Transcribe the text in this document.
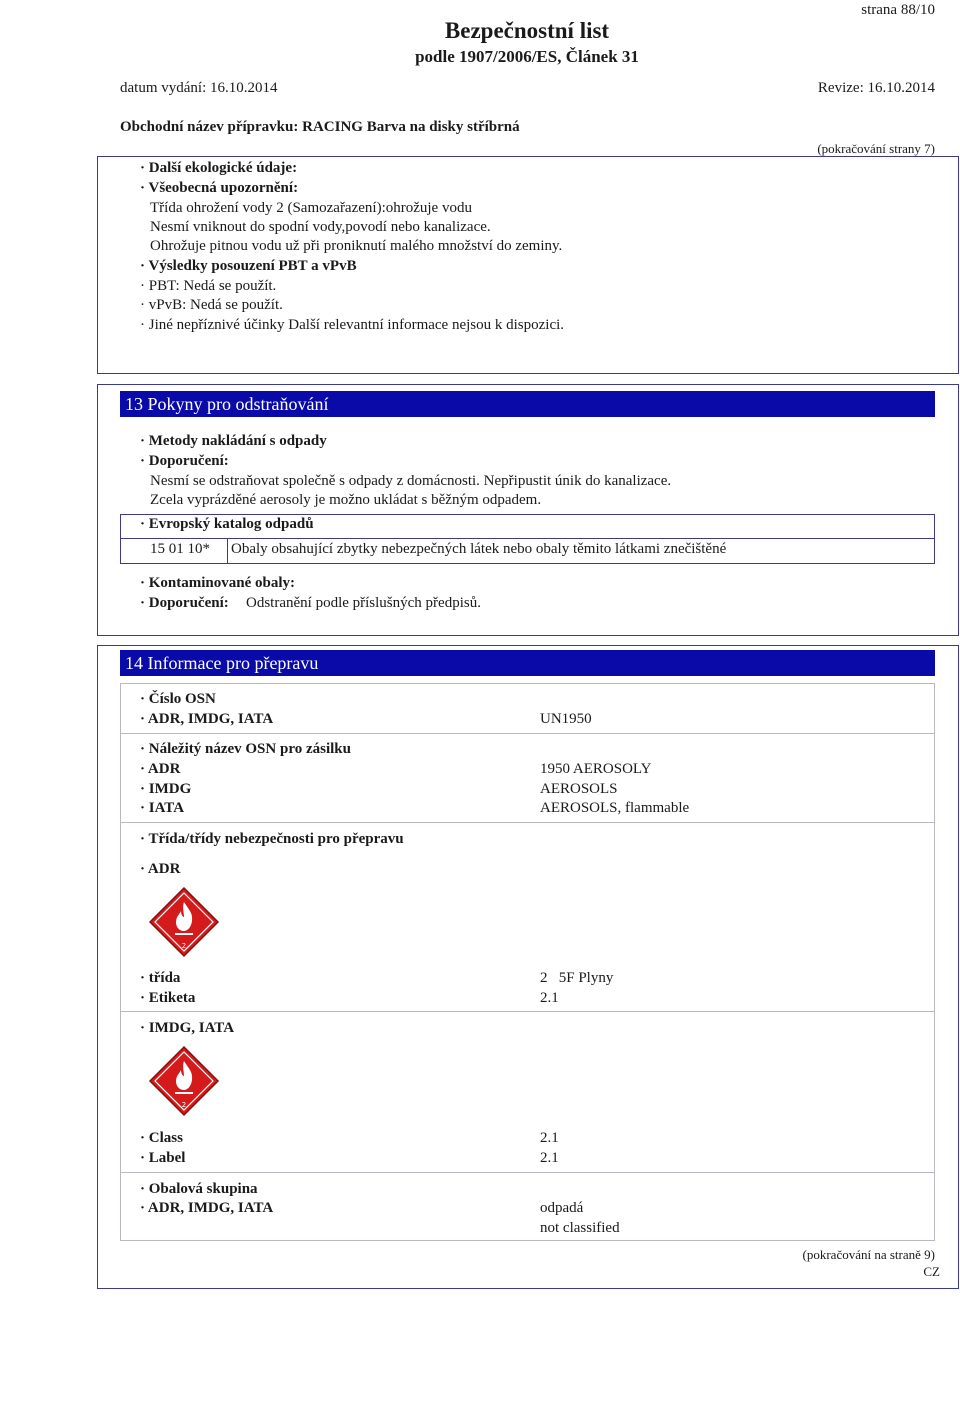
strana 88/10
Bezpečnostní list
podle 1907/2006/ES, Článek 31
datum vydání: 16.10.2014	Revize: 16.10.2014
Obchodní název přípravku: RACING Barva na disky stříbrná
(pokračování strany 7)
· Další ekologické údaje:
· Všeobecná upozornění:
Třída ohrožení vody 2 (Samozařazení):ohrožuje vodu
Nesmí vniknout do spodní vody,povodí nebo kanalizace.
Ohrožuje pitnou vodu už při proniknutí malého množství do zeminy.
· Výsledky posouzení PBT a vPvB
· PBT: Nedá se použít.
· vPvB: Nedá se použít.
· Jiné nepříznivé účinky Další relevantní informace nejsou k dispozici.
13 Pokyny pro odstraňování
· Metody nakládání s odpady
· Doporučení:
Nesmí se odstraňovat společně s odpady z domácnosti. Nepřipustit únik do kanalizace.
Zcela vyprázděné aerosoly je možno ukládat s běžným odpadem.
· Evropský katalog odpadů
15 01 10* Obaly obsahující zbytky nebezpečných látek nebo obaly těmito látkami znečištěné
· Kontaminované obaly:
· Doporučení: Odstranění podle příslušných předpisů.
14 Informace pro přepravu
· Číslo OSN
· ADR, IMDG, IATA	UN1950
· Náležitý název OSN pro zásilku
· ADR	1950 AEROSOLY
· IMDG	AEROSOLS
· IATA	AEROSOLS, flammable
· Třída/třídy nebezpečnosti pro přepravu
· ADR
2
· třída	2   5F Plyny
· Etiketa	2.1
· IMDG, IATA
2
· Class	2.1
· Label	2.1
· Obalová skupina
· ADR, IMDG, IATA	odpadá
not classified
(pokračování na straně 9)
CZ
